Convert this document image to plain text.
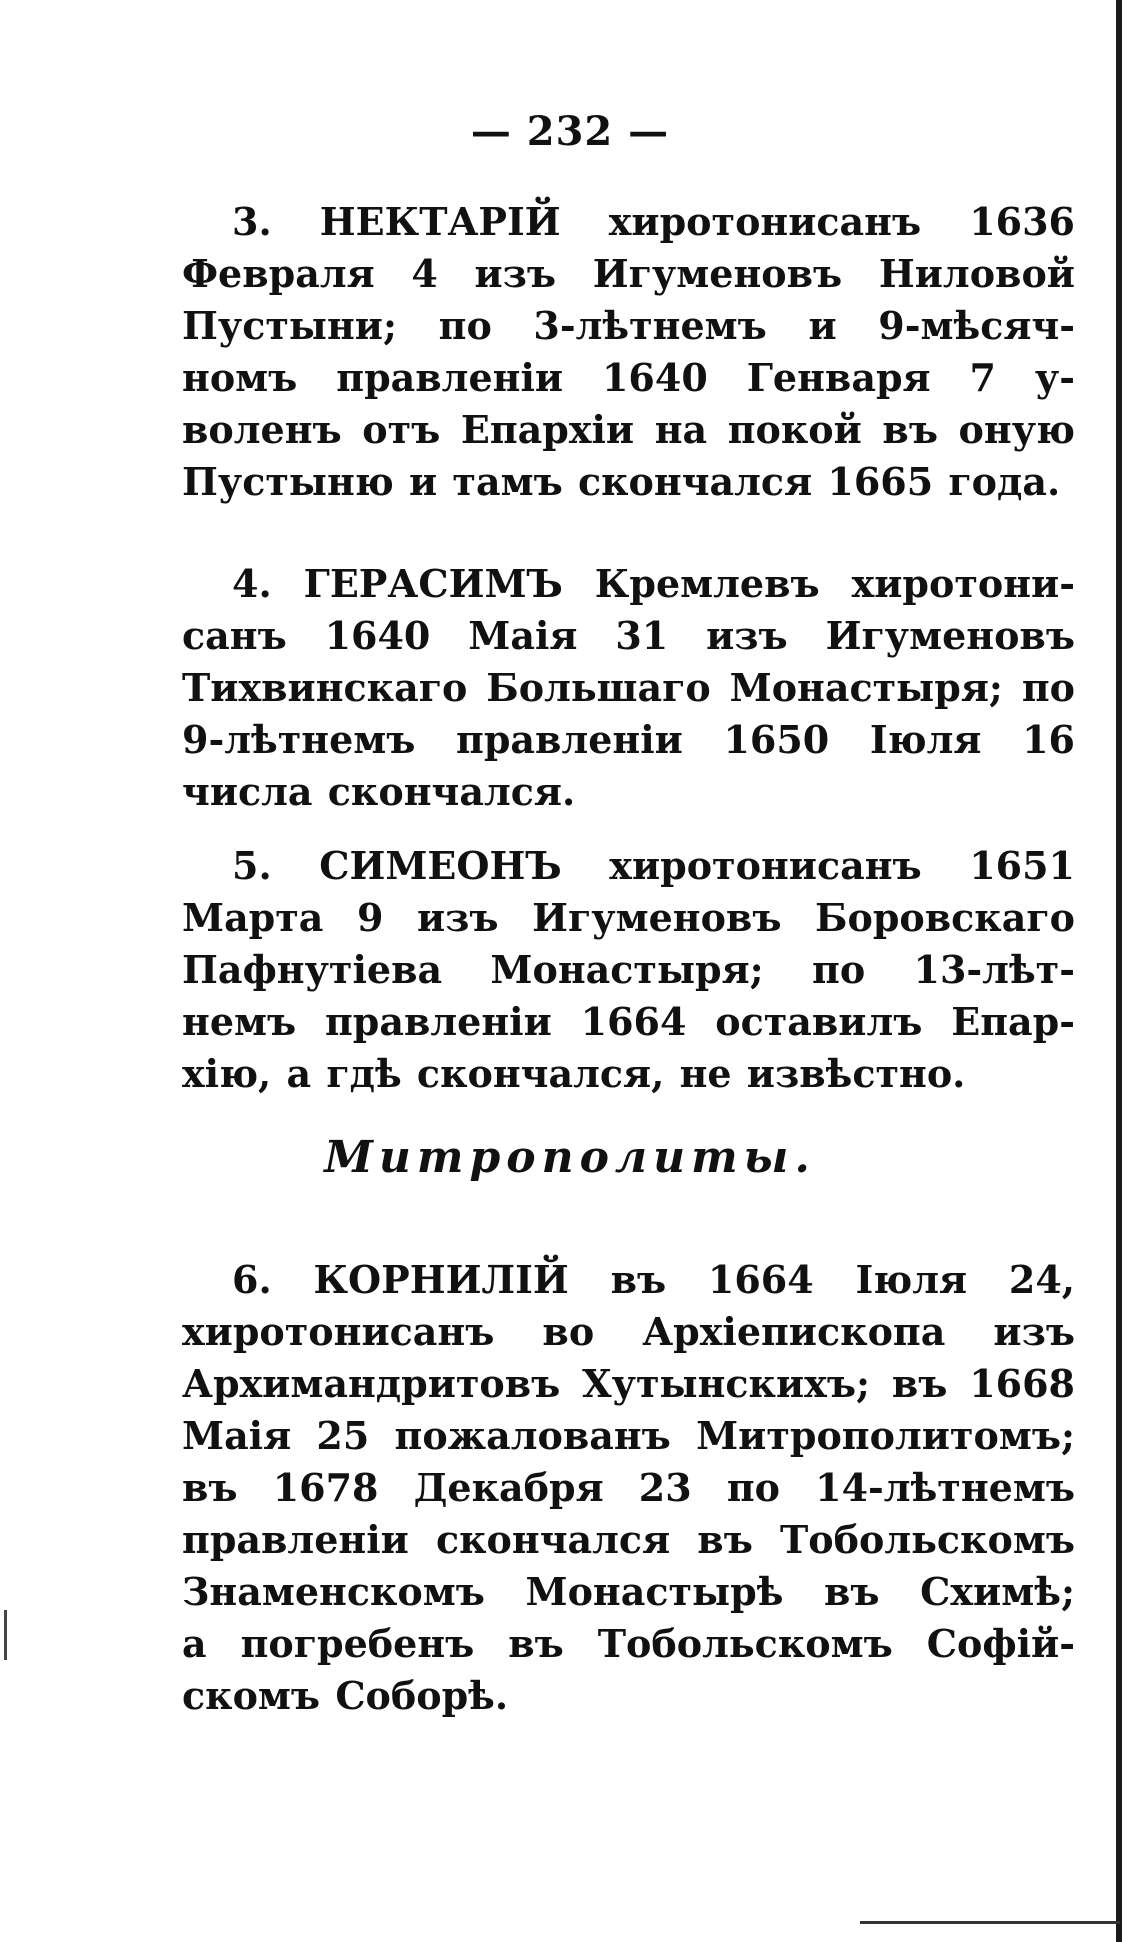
— 232 —
3. НЕКТАРІЙ хиротонисанъ 1636
Февраля 4 изъ Игуменовъ Ниловой
Пустыни; по 3-лѣтнемъ и 9-мѣсяч-
номъ правленіи 1640 Генваря 7 у-
воленъ отъ Епархіи на покой въ оную
Пустыню и тамъ скончался 1665 года.
4. ГЕРАСИМЪ Кремлевъ хиротони-
санъ 1640 Маія 31 изъ Игуменовъ
Тихвинскаго Большаго Монастыря; по
9-лѣтнемъ правленіи 1650 Іюля 16
числа скончался.
5. СИМЕОНЪ хиротонисанъ 1651
Марта 9 изъ Игуменовъ Боровскаго
Пафнутіева Монастыря; по 13-лѣт-
немъ правленіи 1664 оставилъ Епар-
хію, а гдѣ скончался, не извѣстно.
Митрополиты.
6. КОРНИЛІЙ въ 1664 Іюля 24,
хиротонисанъ во Архіепископа изъ
Архимандритовъ Хутынскихъ; въ 1668
Маія 25 пожалованъ Митрополитомъ;
въ 1678 Декабря 23 по 14-лѣтнемъ
правленіи скончался въ Тобольскомъ
Знаменскомъ Монастырѣ въ Схимѣ;
а погребенъ въ Тобольскомъ Софій-
скомъ Соборѣ.
